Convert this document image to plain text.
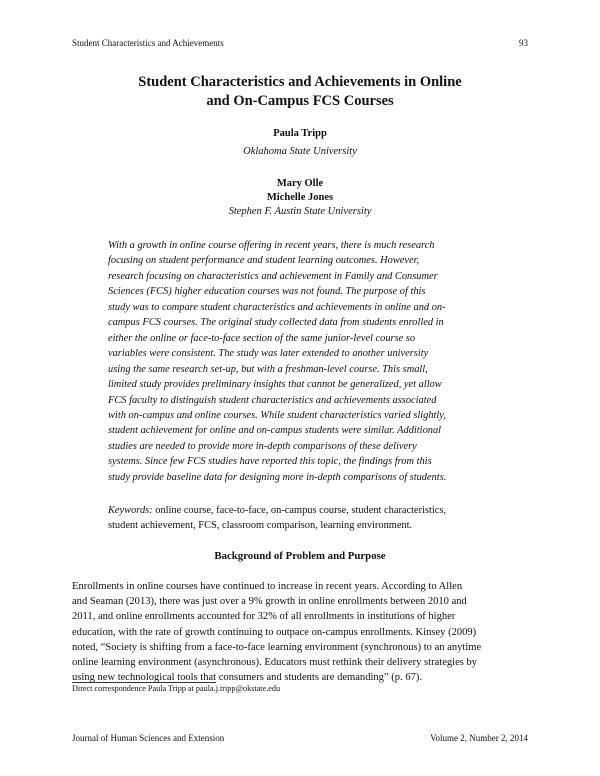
Student Characteristics and Achievements	93
Student Characteristics and Achievements in Online
and On-Campus FCS Courses
Paula Tripp
Oklahoma State University
Mary Olle
Michelle Jones
Stephen F. Austin State University
With a growth in online course offering in recent years, there is much research
focusing on student performance and student learning outcomes. However,
research focusing on characteristics and achievement in Family and Consumer
Sciences (FCS) higher education courses was not found. The purpose of this
study was to compare student characteristics and achievements in online and on-
campus FCS courses. The original study collected data from students enrolled in
either the online or face-to-face section of the same junior-level course so
variables were consistent. The study was later extended to another university
using the same research set-up, but with a freshman-level course. This small,
limited study provides preliminary insights that cannot be generalized, yet allow
FCS faculty to distinguish student characteristics and achievements associated
with on-campus and online courses. While student characteristics varied slightly,
student achievement for online and on-campus students were similar. Additional
studies are needed to provide more in-depth comparisons of these delivery
systems. Since few FCS studies have reported this topic, the findings from this
study provide baseline data for designing more in-depth comparisons of students.
Keywords: online course, face-to-face, on-campus course, student characteristics,
student achievement, FCS, classroom comparison, learning environment.
Background of Problem and Purpose
Enrollments in online courses have continued to increase in recent years. According to Allen
and Seaman (2013), there was just over a 9% growth in online enrollments between 2010 and
2011, and online enrollments accounted for 32% of all enrollments in institutions of higher
education, with the rate of growth continuing to outpace on-campus enrollments. Kinsey (2009)
noted, “Society is shifting from a face-to-face learning environment (synchronous) to an anytime
online learning environment (asynchronous). Educators must rethink their delivery strategies by
using new technological tools that consumers and students are demanding” (p. 67).
Direct correspondence Paula Tripp at paula.j.tripp@okstate.edu
Journal of Human Sciences and Extension	Volume 2, Number 2, 2014
